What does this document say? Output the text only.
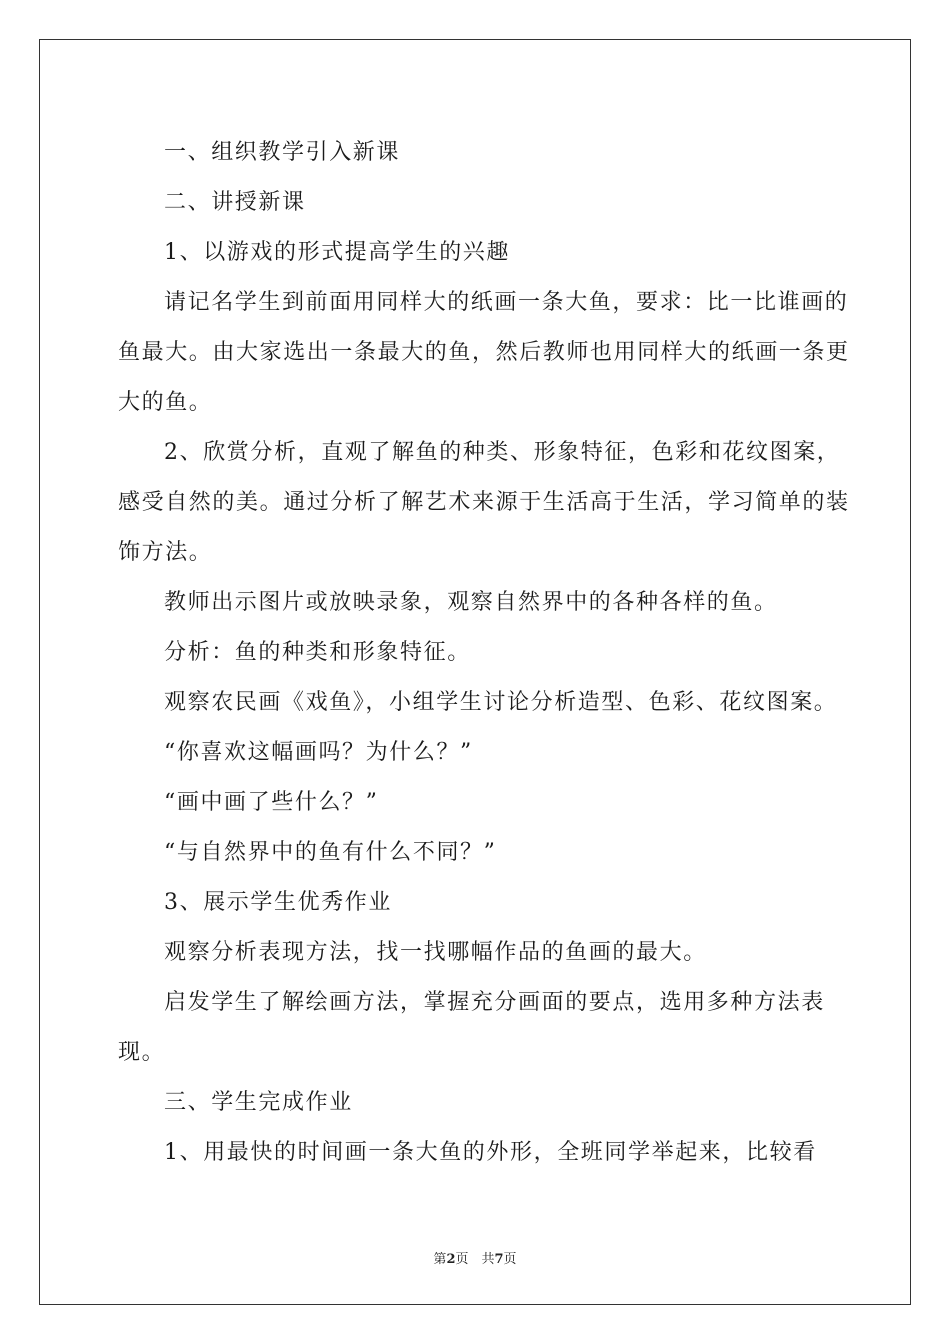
一、组织教学引入新课

二、讲授新课

1、以游戏的形式提高学生的兴趣

请记名学生到前面用同样大的纸画一条大鱼，要求：比一比谁画的鱼最大。由大家选出一条最大的鱼，然后教师也用同样大的纸画一条更大的鱼。

2、欣赏分析，直观了解鱼的种类、形象特征，色彩和花纹图案，感受自然的美。通过分析了解艺术来源于生活高于生活，学习简单的装饰方法。

教师出示图片或放映录象，观察自然界中的各种各样的鱼。

分析：鱼的种类和形象特征。

观察农民画《戏鱼》，小组学生讨论分析造型、色彩、花纹图案。

“你喜欢这幅画吗？为什么？”

“画中画了些什么？”

“与自然界中的鱼有什么不同？”

3、展示学生优秀作业

观察分析表现方法，找一找哪幅作品的鱼画的最大。

启发学生了解绘画方法，掌握充分画面的要点，选用多种方法表现。

三、学生完成作业

1、用最快的时间画一条大鱼的外形，全班同学举起来，比较看

第2页　共7页
